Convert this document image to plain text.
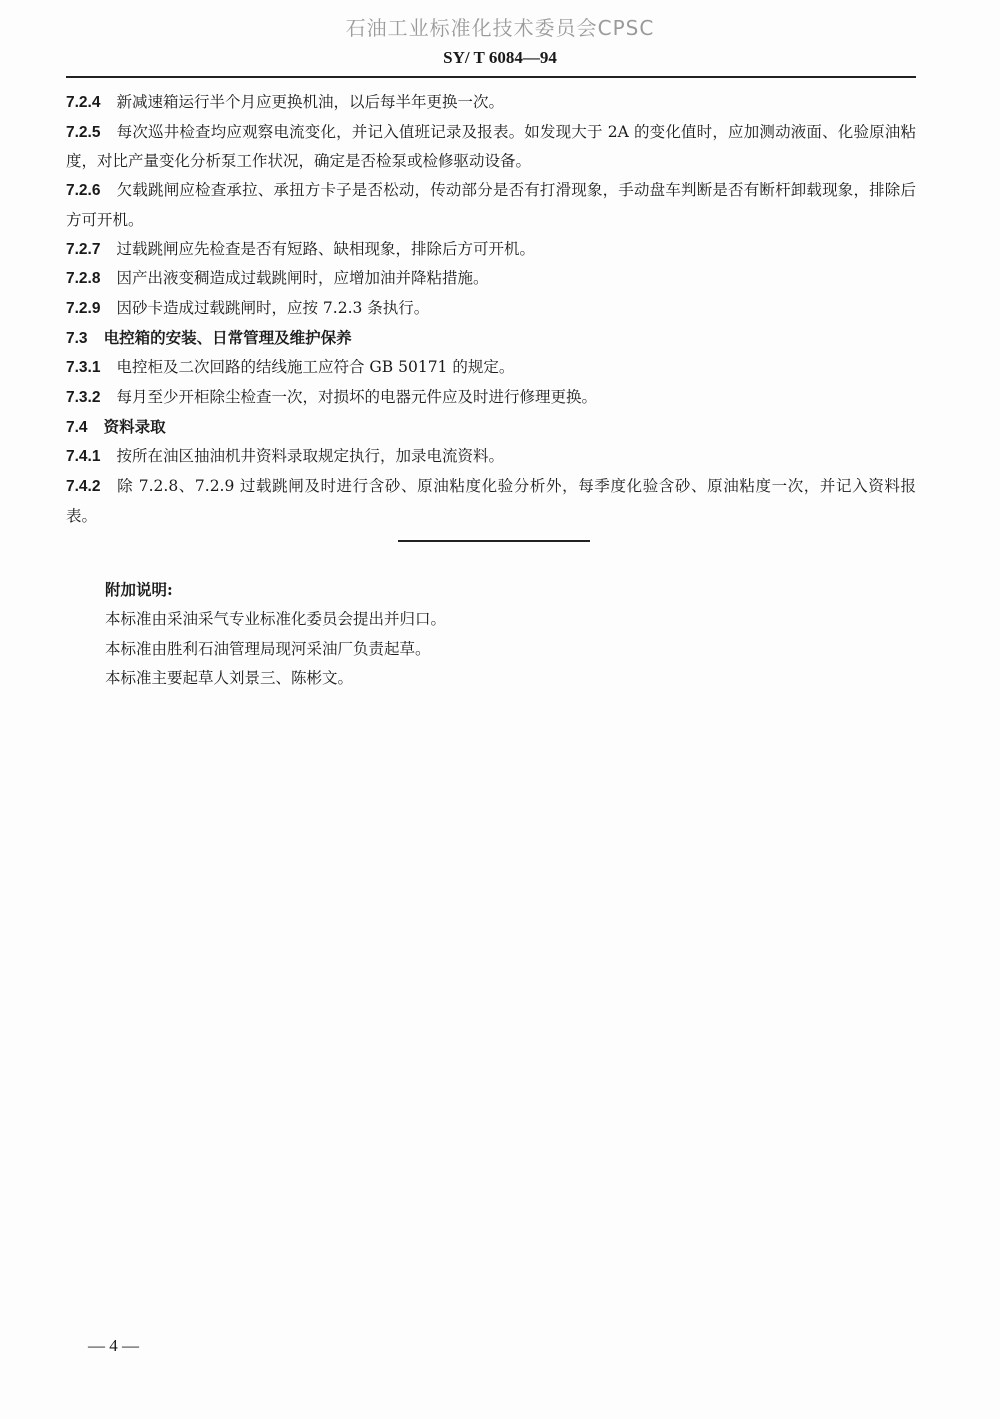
石油工业标准化技术委员会CPSC
SY/ T 6084—94
7.2.4 新减速箱运行半个月应更换机油，以后每半年更换一次。
7.2.5 每次巡井检查均应观察电流变化，并记入值班记录及报表。如发现大于 2A 的变化值时，应加测动液面、化验原油粘度，对比产量变化分析泵工作状况，确定是否检泵或检修驱动设备。
7.2.6 欠载跳闸应检查承拉、承扭方卡子是否松动，传动部分是否有打滑现象，手动盘车判断是否有断杆卸载现象，排除后方可开机。
7.2.7 过载跳闸应先检查是否有短路、缺相现象，排除后方可开机。
7.2.8 因产出液变稠造成过载跳闸时，应增加油并降粘措施。
7.2.9 因砂卡造成过载跳闸时，应按 7.2.3 条执行。
7.3 电控箱的安装、日常管理及维护保养
7.3.1 电控柜及二次回路的结线施工应符合 GB 50171 的规定。
7.3.2 每月至少开柜除尘检查一次，对损坏的电器元件应及时进行修理更换。
7.4 资料录取
7.4.1 按所在油区抽油机井资料录取规定执行，加录电流资料。
7.4.2 除 7.2.8、7.2.9 过载跳闸及时进行含砂、原油粘度化验分析外，每季度化验含砂、原油粘度一次，并记入资料报表。
附加说明:
本标准由采油采气专业标准化委员会提出并归口。
本标准由胜利石油管理局现河采油厂负责起草。
本标准主要起草人刘景三、陈彬文。
— 4 —
